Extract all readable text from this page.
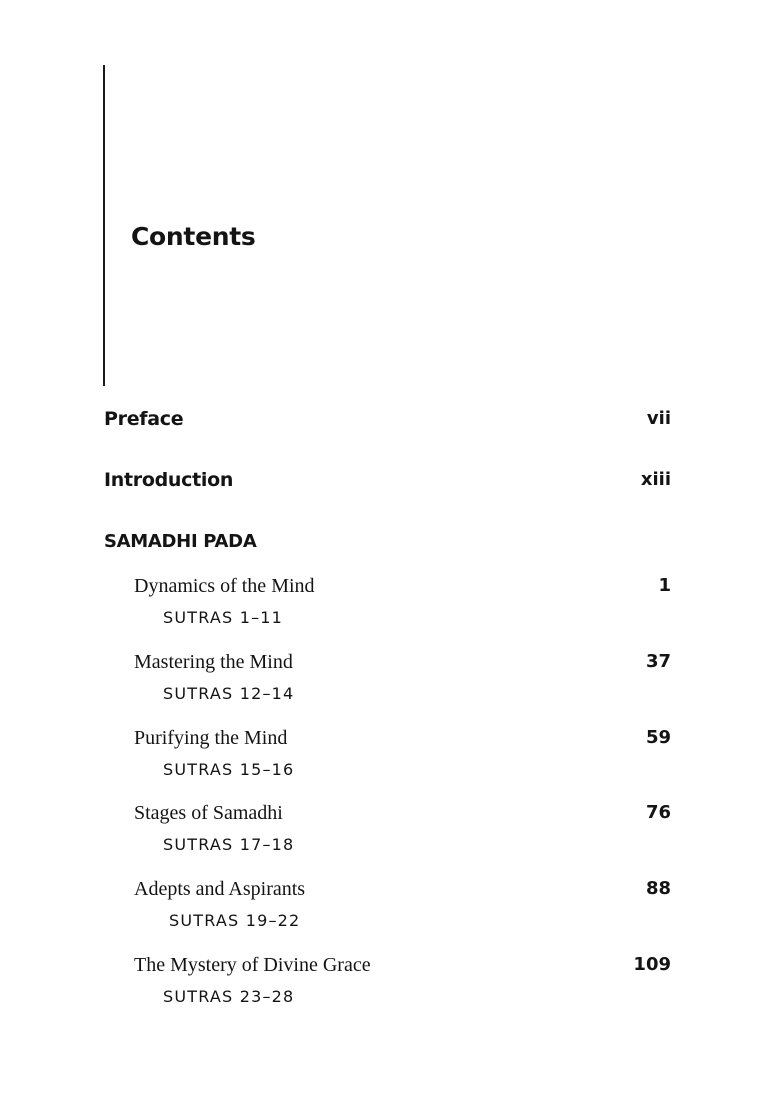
Contents
Preface	vii
Introduction	xiii
SAMADHI PADA
Dynamics of the Mind	1
SUTRAS 1–11
Mastering the Mind	37
SUTRAS 12–14
Purifying the Mind	59
SUTRAS 15–16
Stages of Samadhi	76
SUTRAS 17–18
Adepts and Aspirants	88
SUTRAS 19–22
The Mystery of Divine Grace	109
SUTRAS 23–28
